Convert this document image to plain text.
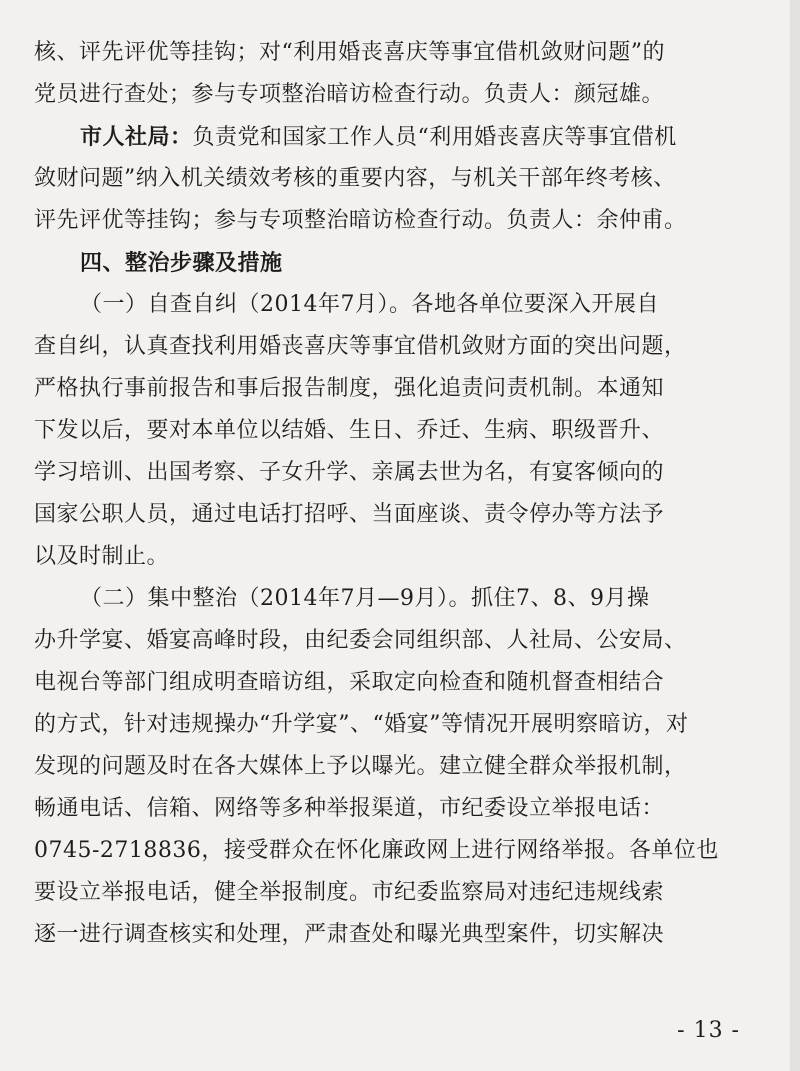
核、评先评优等挂钩；对“利用婚丧喜庆等事宜借机敛财问题”的
党员进行查处；参与专项整治暗访检查行动。负责人：颜冠雄。
市人社局：负责党和国家工作人员“利用婚丧喜庆等事宜借机
敛财问题”纳入机关绩效考核的重要内容，与机关干部年终考核、
评先评优等挂钩；参与专项整治暗访检查行动。负责人：余仲甫。
四、整治步骤及措施
（一）自查自纠（2014年7月）。各地各单位要深入开展自
查自纠，认真查找利用婚丧喜庆等事宜借机敛财方面的突出问题，
严格执行事前报告和事后报告制度，强化追责问责机制。本通知
下发以后，要对本单位以结婚、生日、乔迁、生病、职级晋升、
学习培训、出国考察、子女升学、亲属去世为名，有宴客倾向的
国家公职人员，通过电话打招呼、当面座谈、责令停办等方法予
以及时制止。
（二）集中整治（2014年7月—9月）。抓住7、8、9月操
办升学宴、婚宴高峰时段，由纪委会同组织部、人社局、公安局、
电视台等部门组成明查暗访组，采取定向检查和随机督查相结合
的方式，针对违规操办“升学宴”、“婚宴”等情况开展明察暗访，对
发现的问题及时在各大媒体上予以曝光。建立健全群众举报机制，
畅通电话、信箱、网络等多种举报渠道，市纪委设立举报电话：
0745-2718836，接受群众在怀化廉政网上进行网络举报。各单位也
要设立举报电话，健全举报制度。市纪委监察局对违纪违规线索
逐一进行调查核实和处理，严肃查处和曝光典型案件，切实解决
- 13 -
